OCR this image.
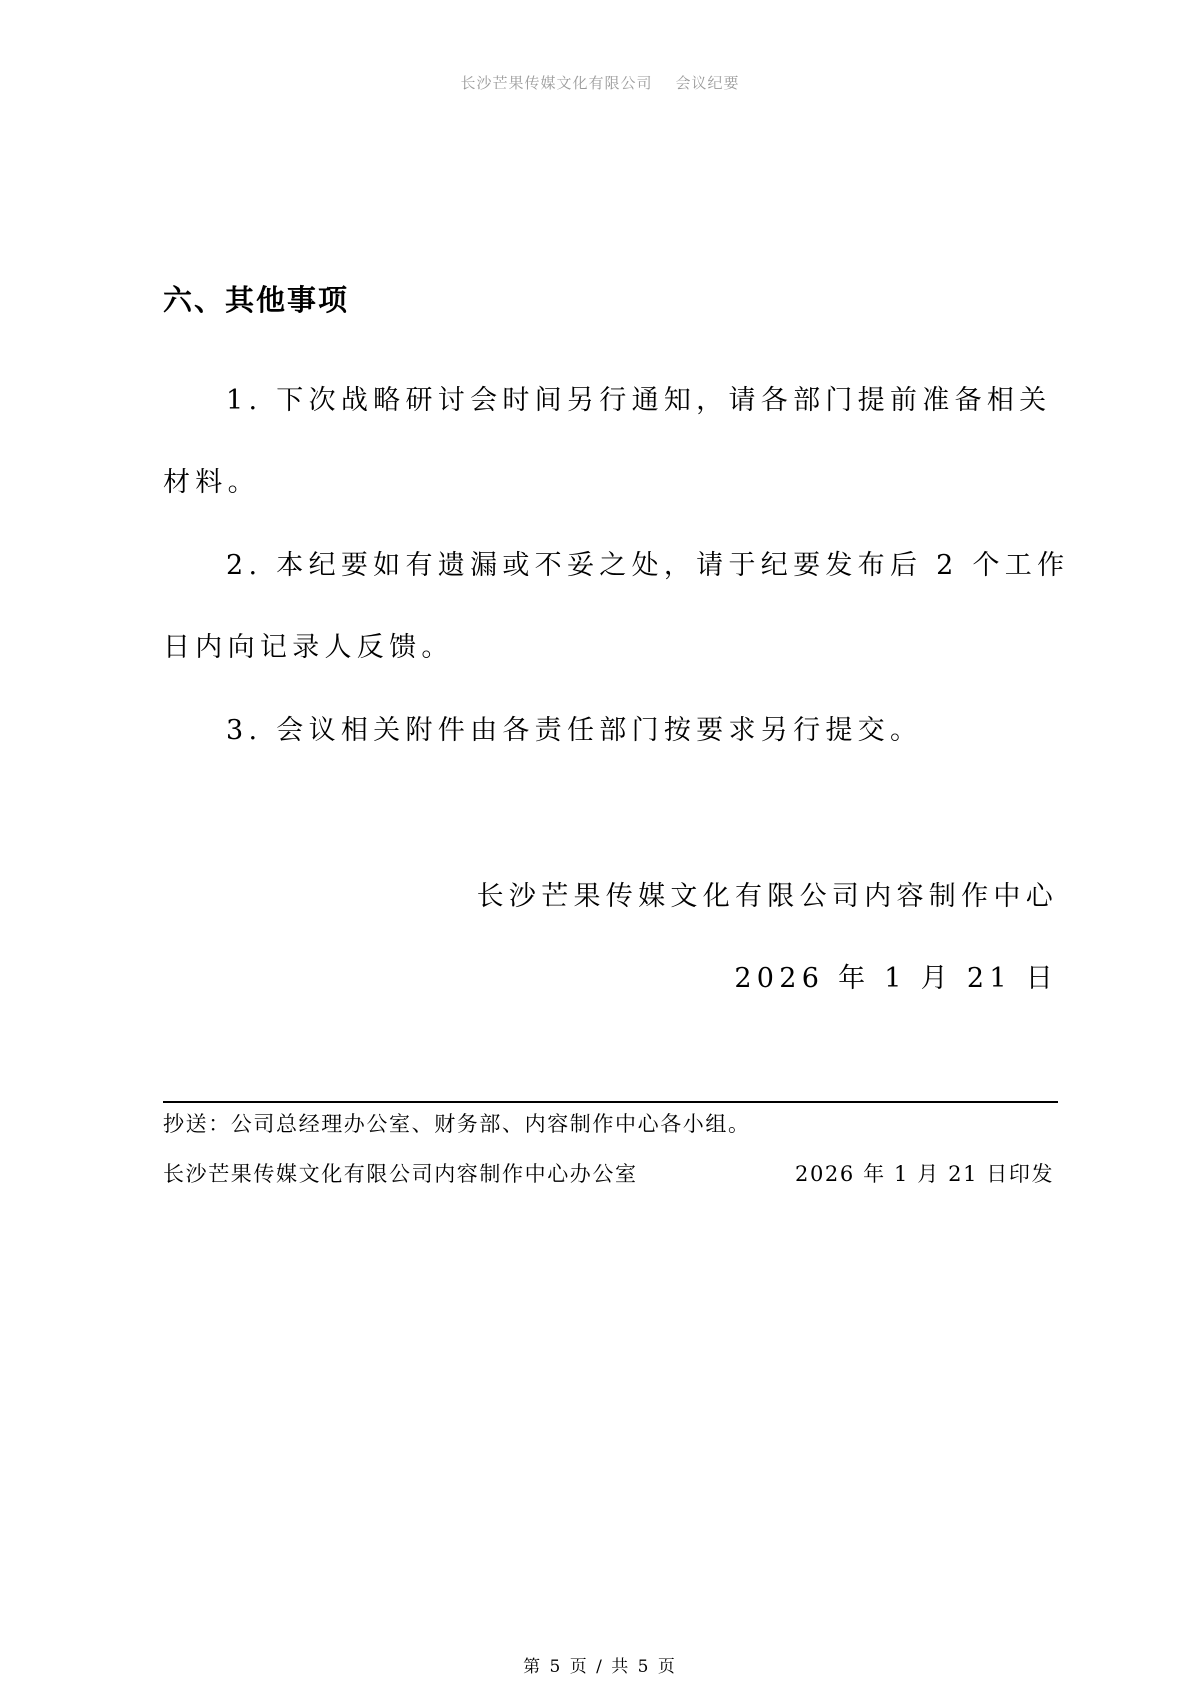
长沙芒果传媒文化有限公司 会议纪要
六、其他事项
1. 下次战略研讨会时间另行通知，请各部门提前准备相关
材料。
2. 本纪要如有遗漏或不妥之处，请于纪要发布后 2 个工作
日内向记录人反馈。
3. 会议相关附件由各责任部门按要求另行提交。
长沙芒果传媒文化有限公司内容制作中心
2026 年 1 月 21 日
抄送：公司总经理办公室、财务部、内容制作中心各小组。
长沙芒果传媒文化有限公司内容制作中心办公室	2026 年 1 月 21 日印发
第 5 页 / 共 5 页
